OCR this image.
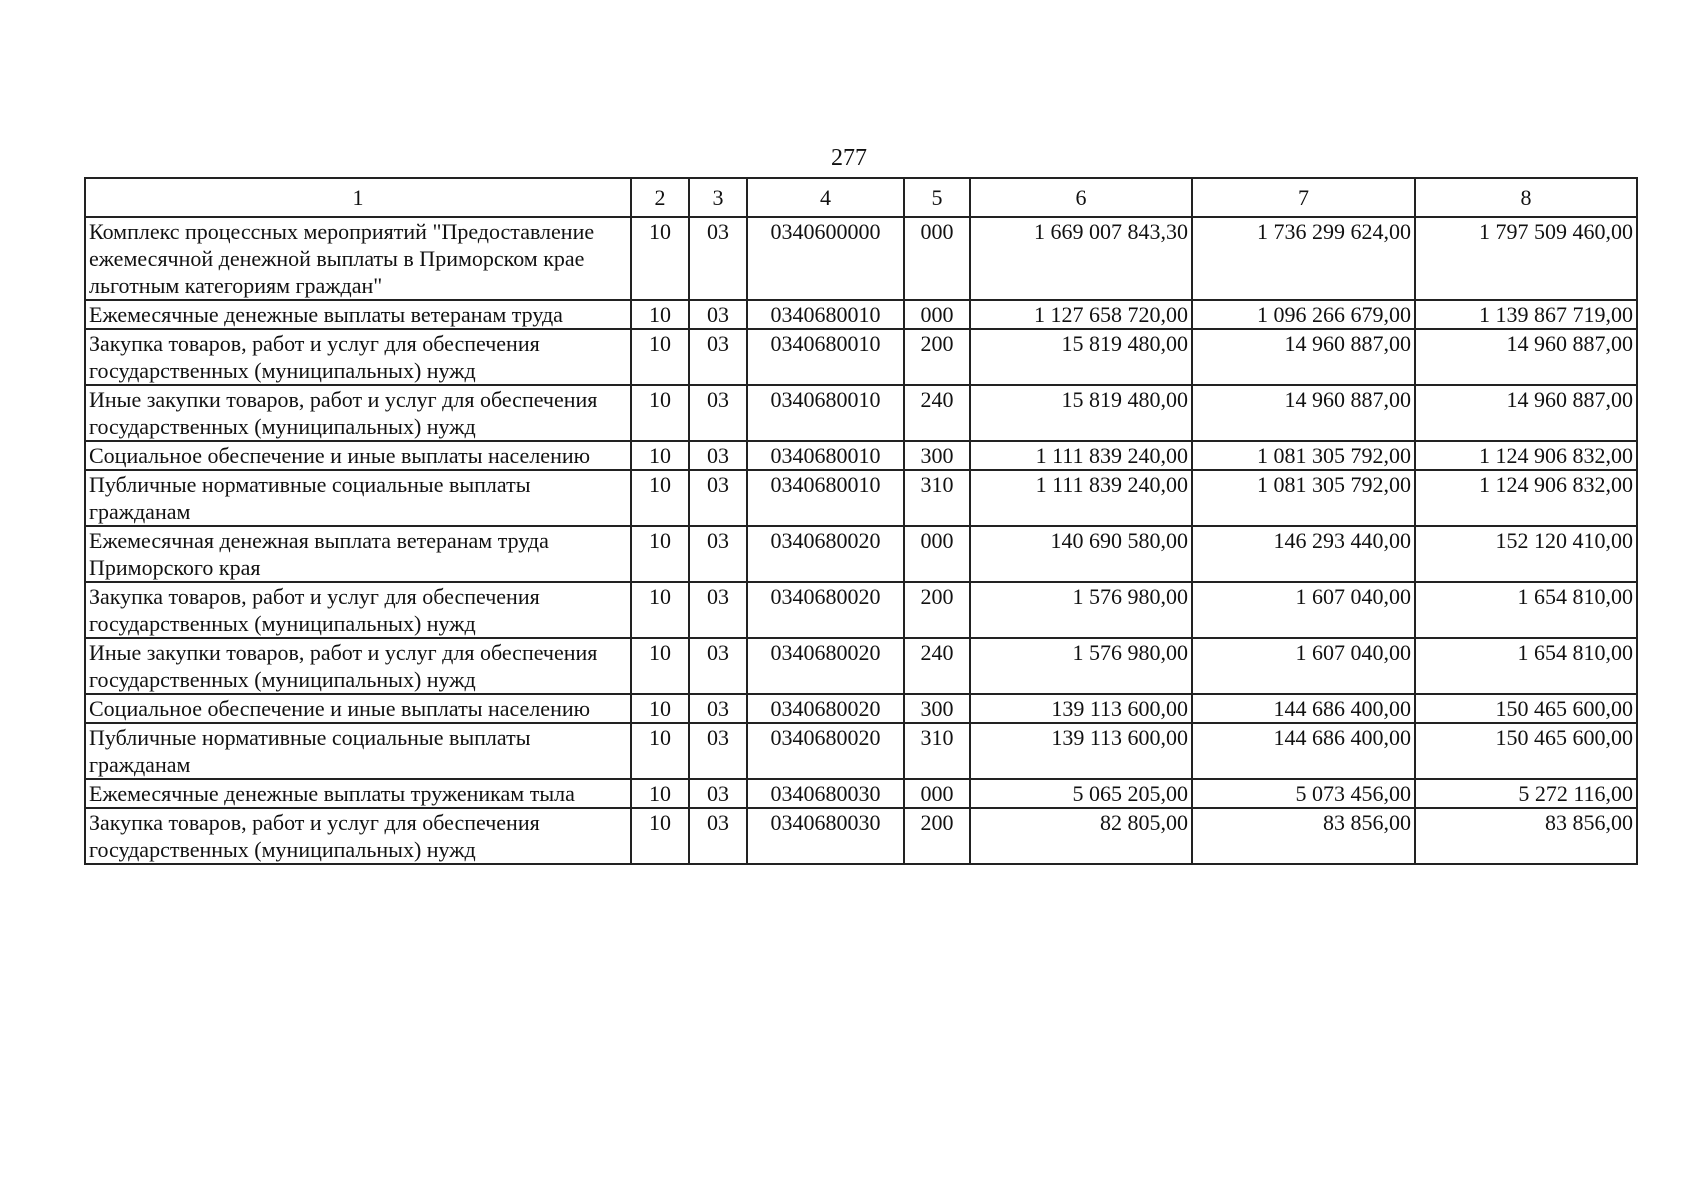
277
1	2	3	4	5	6	7	8
Комплекс процессных мероприятий "Предоставление ежемесячной денежной выплаты в Приморском крае льготным категориям граждан"	10	03	0340600000	000	1 669 007 843,30	1 736 299 624,00	1 797 509 460,00
Ежемесячные денежные выплаты ветеранам труда	10	03	0340680010	000	1 127 658 720,00	1 096 266 679,00	1 139 867 719,00
Закупка товаров, работ и услуг для обеспечения государственных (муниципальных) нужд	10	03	0340680010	200	15 819 480,00	14 960 887,00	14 960 887,00
Иные закупки товаров, работ и услуг для обеспечения государственных (муниципальных) нужд	10	03	0340680010	240	15 819 480,00	14 960 887,00	14 960 887,00
Социальное обеспечение и иные выплаты населению	10	03	0340680010	300	1 111 839 240,00	1 081 305 792,00	1 124 906 832,00
Публичные нормативные социальные выплаты гражданам	10	03	0340680010	310	1 111 839 240,00	1 081 305 792,00	1 124 906 832,00
Ежемесячная денежная выплата ветеранам труда Приморского края	10	03	0340680020	000	140 690 580,00	146 293 440,00	152 120 410,00
Закупка товаров, работ и услуг для обеспечения государственных (муниципальных) нужд	10	03	0340680020	200	1 576 980,00	1 607 040,00	1 654 810,00
Иные закупки товаров, работ и услуг для обеспечения государственных (муниципальных) нужд	10	03	0340680020	240	1 576 980,00	1 607 040,00	1 654 810,00
Социальное обеспечение и иные выплаты населению	10	03	0340680020	300	139 113 600,00	144 686 400,00	150 465 600,00
Публичные нормативные социальные выплаты гражданам	10	03	0340680020	310	139 113 600,00	144 686 400,00	150 465 600,00
Ежемесячные денежные выплаты труженикам тыла	10	03	0340680030	000	5 065 205,00	5 073 456,00	5 272 116,00
Закупка товаров, работ и услуг для обеспечения государственных (муниципальных) нужд	10	03	0340680030	200	82 805,00	83 856,00	83 856,00
